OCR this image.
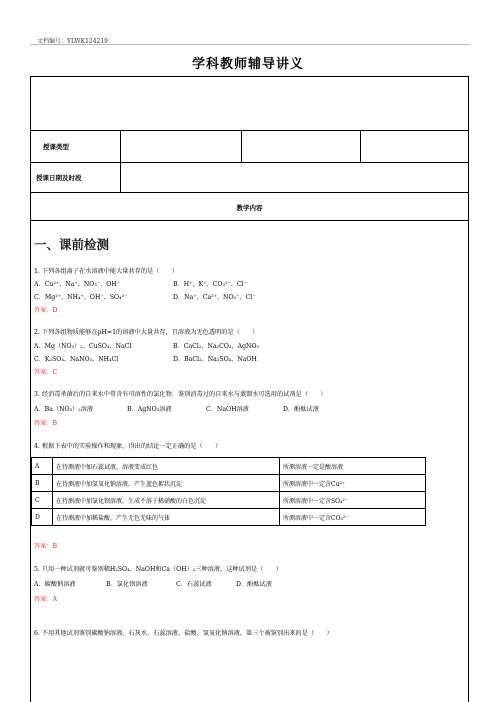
文档编号：YLWK124219
学科教师辅导讲义
授课类型
授课日期及时段
教学内容
一、课前检测
1. 下列各组离子在水溶液中能大量共存的是（　　）
A．Cu²⁺、Na⁺、NO₃⁻、OH⁻	B．H⁺、K⁺、CO₃²⁻、Cl⁻
C．Mg²⁺、NH₄⁺、OH⁻、SO₄²⁻	D．Na⁺、Ca²⁺、NO₃⁻、Cl⁻
答案：D
2. 下列各组物质能够在pH=1的溶液中大量共存，且溶液为无色透明的是（　　）
A．Mg（NO₃）₂、CuSO₄、NaCl	B．CaCl₂、Na₂CO₃、AgNO₃
C．K₂SO₄、NaNO₃、NH₄Cl	D．BaCl₂、Na₂SO₄、NaOH
答案：C
3. 经消毒杀菌后的自来水中常含有可溶性的氯化物．鉴别消毒过的自来水与蒸馏水可选用的试剂是（　　）
A．Ba（NO₃）₂溶液	B．AgNO₃溶液	C．NaOH溶液	D．酚酞试液
答案：B
4. 根据下表中的实验操作和现象，得出的结论一定正确的是（　　）
A	在待测液中加石蕊试液，溶液变成红色	所测溶液一定是酸溶液
B	在待测液中加氢氧化钠溶液，产生蓝色絮状沉淀	所测溶液中一定含Cu²⁺
C	在待测液中加氯化钡溶液，生成不溶于稀硝酸的白色沉淀	所测溶液中一定含SO₄²⁻
D	在待测液中加稀盐酸，产生无色无味的气体	所测溶液中一定含CO₃²⁻
答案：B
5. 只用一种试剂就可鉴别稀H₂SO₄、NaOH和Ca（OH）₂三种溶液，这种试剂是（　　）
A．碳酸钠溶液	B．氯化钡溶液	C．石蕊试液	D．酚酞试液
答案：A
6. 不用其他试剂鉴别碳酸钠溶液、石灰水、石蕊溶液、盐酸、氢氧化钠溶液，第三个被鉴别出来的是（　　）
